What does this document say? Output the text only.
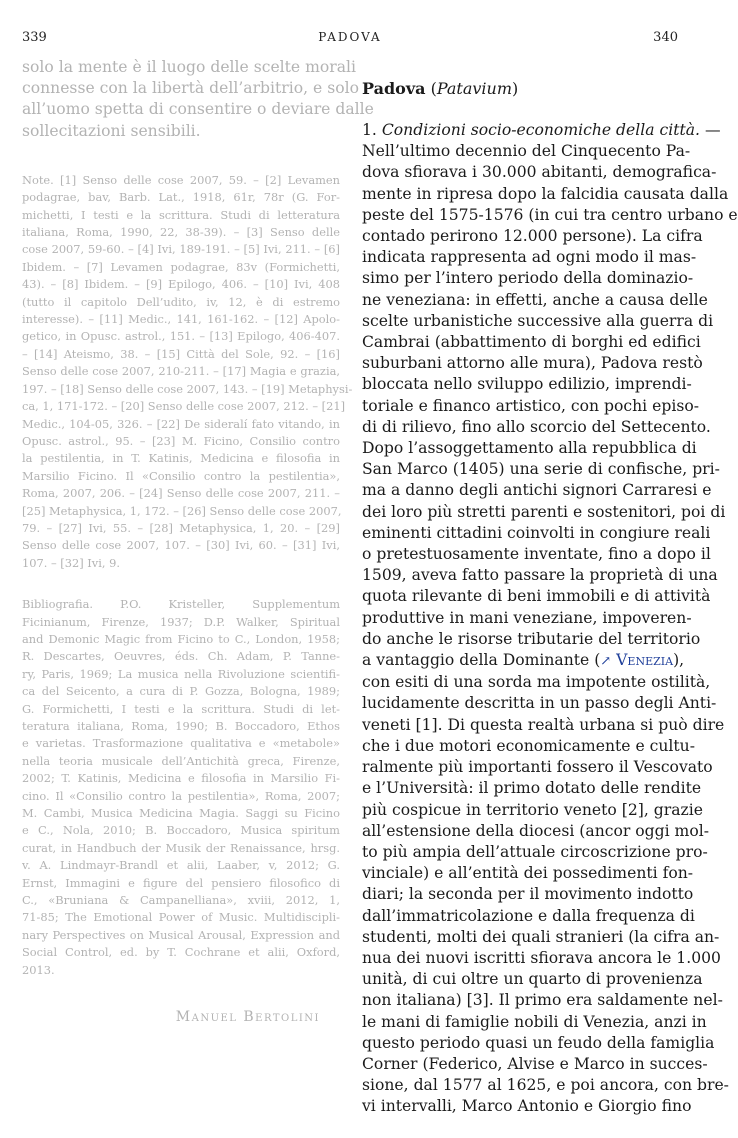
339	PADOVA	340
solo la mente è il luogo delle scelte morali
connesse con la libertà dell’arbitrio, e solo
all’uomo spetta di consentire o deviare dalle
sollecitazioni sensibili.
Note. [1] Senso delle cose 2007, 59. – [2] Levamen
podagrae, bav, Barb. Lat., 1918, 61r, 78r (G. For-
michetti, I testi e la scrittura. Studi di letteratura
italiana, Roma, 1990, 22, 38-39). – [3] Senso delle
cose 2007, 59-60. – [4] Ivi, 189-191. – [5] Ivi, 211. – [6]
Ibidem. – [7] Levamen podagrae, 83v (Formichetti,
43). – [8] Ibidem. – [9] Epilogo, 406. – [10] Ivi, 408
(tutto il capitolo Dell’udito, iv, 12, è di estremo
interesse). – [11] Medic., 141, 161-162. – [12] Apolo-
getico, in Opusc. astrol., 151. – [13] Epilogo, 406-407.
– [14] Ateismo, 38. – [15] Città del Sole, 92. – [16]
Senso delle cose 2007, 210-211. – [17] Magia e grazia,
197. – [18] Senso delle cose 2007, 143. – [19] Metaphysi-
ca, 1, 171-172. – [20] Senso delle cose 2007, 212. – [21]
Medic., 104-05, 326. – [22] De sideralí fato vitando, in
Opusc. astrol., 95. – [23] M. Ficino, Consilio contro
la pestilentia, in T. Katinis, Medicina e filosofia in
Marsilio Ficino. Il «Consilio contro la pestilentia»,
Roma, 2007, 206. – [24] Senso delle cose 2007, 211. –
[25] Metaphysica, 1, 172. – [26] Senso delle cose 2007,
79. – [27] Ivi, 55. – [28] Metaphysica, 1, 20. – [29]
Senso delle cose 2007, 107. – [30] Ivi, 60. – [31] Ivi,
107. – [32] Ivi, 9.
Bibliografia. P.O. Kristeller, Supplementum
Ficinianum, Firenze, 1937; D.P. Walker, Spiritual
and Demonic Magic from Ficino to C., London, 1958;
R. Descartes, Oeuvres, éds. Ch. Adam, P. Tanne-
ry, Paris, 1969; La musica nella Rivoluzione scientifi-
ca del Seicento, a cura di P. Gozza, Bologna, 1989;
G. Formichetti, I testi e la scrittura. Studi di let-
teratura italiana, Roma, 1990; B. Boccadoro, Ethos
e varietas. Trasformazione qualitativa e «metabole»
nella teoria musicale dell’Antichità greca, Firenze,
2002; T. Katinis, Medicina e filosofia in Marsilio Fi-
cino. Il «Consilio contro la pestilentia», Roma, 2007;
M. Cambi, Musica Medicina Magia. Saggi su Ficino
e C., Nola, 2010; B. Boccadoro, Musica spiritum
curat, in Handbuch der Musik der Renaissance, hrsg.
v. A. Lindmayr-Brandl et alii, Laaber, v, 2012; G.
Ernst, Immagini e figure del pensiero filosofico di
C., «Bruniana & Campanelliana», xviii, 2012, 1,
71-85; The Emotional Power of Music. Multidiscipli-
nary Perspectives on Musical Arousal, Expression and
Social Control, ed. by T. Cochrane et alii, Oxford,
2013.
Manuel Bertolini
Padova (Patavium)
1. Condizioni socio-economiche della città. —
Nell’ultimo decennio del Cinquecento Pa-
dova sfiorava i 30.000 abitanti, demografica-
mente in ripresa dopo la falcidia causata dalla
peste del 1575-1576 (in cui tra centro urbano e
contado perirono 12.000 persone). La cifra
indicata rappresenta ad ogni modo il mas-
simo per l’intero periodo della dominazio-
ne veneziana: in effetti, anche a causa delle
scelte urbanistiche successive alla guerra di
Cambrai (abbattimento di borghi ed edifici
suburbani attorno alle mura), Padova restò
bloccata nello sviluppo edilizio, imprendi-
toriale e financo artistico, con pochi episo-
di di rilievo, fino allo scorcio del Settecento.
Dopo l’assoggettamento alla repubblica di
San Marco (1405) una serie di confische, pri-
ma a danno degli antichi signori Carraresi e
dei loro più stretti parenti e sostenitori, poi di
eminenti cittadini coinvolti in congiure reali
o pretestuosamente inventate, fino a dopo il
1509, aveva fatto passare la proprietà di una
quota rilevante di beni immobili e di attività
produttive in mani veneziane, impoveren-
do anche le risorse tributarie del territorio
a vantaggio della Dominante (↗ Venezia),
con esiti di una sorda ma impotente ostilità,
lucidamente descritta in un passo degli Anti-
veneti [1]. Di questa realtà urbana si può dire
che i due motori economicamente e cultu-
ralmente più importanti fossero il Vescovato
e l’Università: il primo dotato delle rendite
più cospicue in territorio veneto [2], grazie
all’estensione della diocesi (ancor oggi mol-
to più ampia dell’attuale circoscrizione pro-
vinciale) e all’entità dei possedimenti fon-
diari; la seconda per il movimento indotto
dall’immatricolazione e dalla frequenza di
studenti, molti dei quali stranieri (la cifra an-
nua dei nuovi iscritti sfiorava ancora le 1.000
unità, di cui oltre un quarto di provenienza
non italiana) [3]. Il primo era saldamente nel-
le mani di famiglie nobili di Venezia, anzi in
questo periodo quasi un feudo della famiglia
Corner (Federico, Alvise e Marco in succes-
sione, dal 1577 al 1625, e poi ancora, con bre-
vi intervalli, Marco Antonio e Giorgio fino
